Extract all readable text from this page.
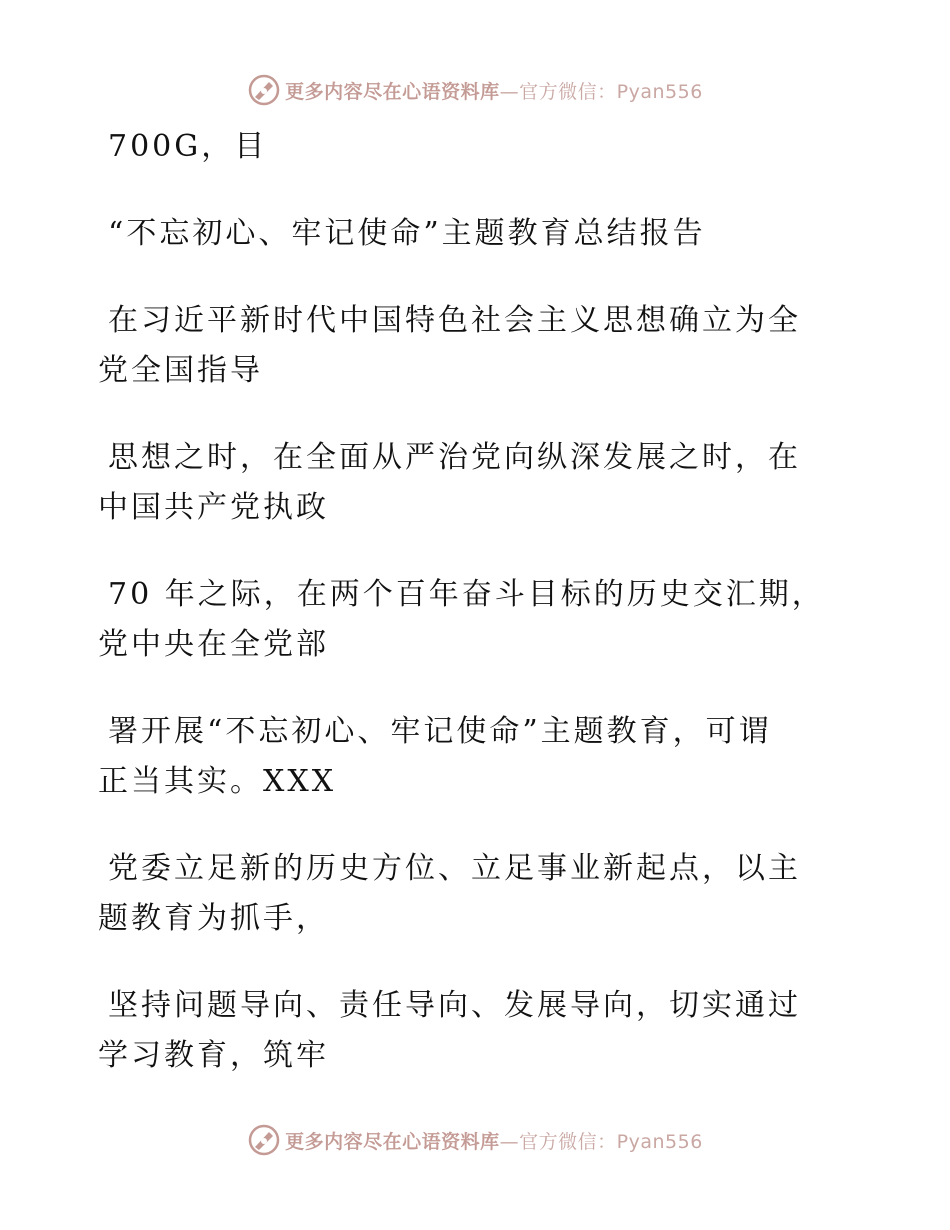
更多内容尽在心语资料库—官方微信：Pyan556
700G，目
“不忘初心、牢记使命”主题教育总结报告
在习近平新时代中国特色社会主义思想确立为全
党全国指导
思想之时，在全面从严治党向纵深发展之时，在
中国共产党执政
70 年之际，在两个百年奋斗目标的历史交汇期，
党中央在全党部
署开展“不忘初心、牢记使命”主题教育，可谓
正当其实。XXX
党委立足新的历史方位、立足事业新起点，以主
题教育为抓手，
坚持问题导向、责任导向、发展导向，切实通过
学习教育，筑牢
更多内容尽在心语资料库—官方微信：Pyan556
